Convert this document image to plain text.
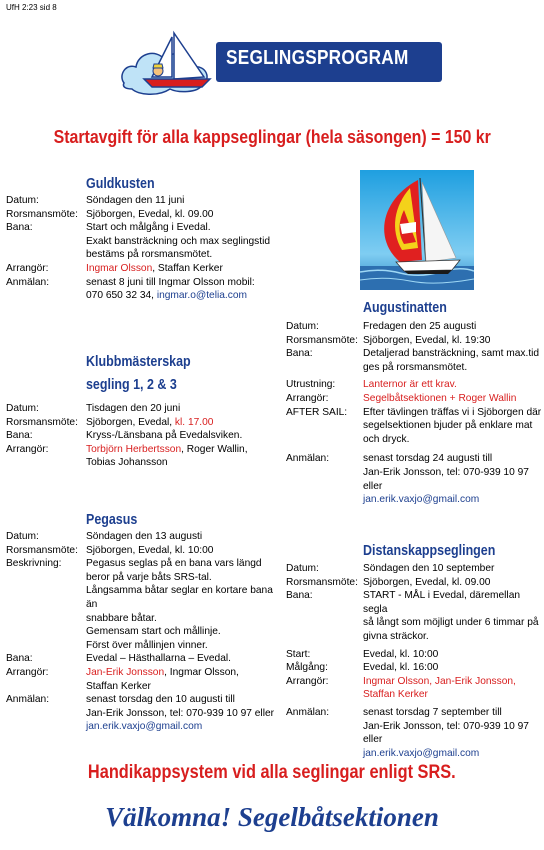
UfH 2:23 sid 8
SEGLINGSPROGRAM
Startavgift för alla kappseglingar (hela säsongen) = 150 kr
Guldkusten
Datum:	Söndagen den 11 juni
Rorsmansmöte: Sjöborgen, Evedal, kl. 09.00
Bana:	Start och målgång i Evedal.
Exakt bansträckning och max seglingstid
bestäms på rorsmansmötet.
Arrangör:	Ingmar Olsson, Staffan Kerker
Anmälan:	senast 8 juni till Ingmar Olsson mobil:
070 650 32 34, ingmar.o@telia.com
Klubbmästerskap
segling 1, 2 & 3
Datum:	Tisdagen den 20 juni
Rorsmansmöte: Sjöborgen, Evedal, kl. 17.00
Bana:	Kryss-/Länsbana på Evedalsviken.
Arrangör:	Torbjörn Herbertsson, Roger Wallin,
Tobias Johansson
Pegasus
Datum:	Söndagen den 13 augusti
Rorsmansmöte: Sjöborgen, Evedal, kl. 10:00
Beskrivning:	Pegasus seglas på en bana vars längd
beror på varje båts SRS-tal.
Långsamma båtar seglar en kortare bana än
snabbare båtar.
Gemensam start och mållinje.
Först över mållinjen vinner.
Bana:	Evedal – Hästhallarna – Evedal.
Arrangör:	Jan-Erik Jonsson, Ingmar Olsson,
Staffan Kerker
Anmälan:	senast torsdag den 10 augusti till
Jan-Erik Jonsson, tel: 070-939 10 97 eller
jan.erik.vaxjo@gmail.com
Augustinatten
Datum:	Fredagen den 25 augusti
Rorsmansmöte: Sjöborgen, Evedal, kl. 19:30
Bana:	Detaljerad bansträckning, samt max.tid
ges på rorsmansmötet.
Utrustning:	Lanternor är ett krav.
Arrangör:	Segelbåtsektionen + Roger Wallin
AFTER SAIL:	Efter tävlingen träffas vi i Sjöborgen där
segelsektionen bjuder på enklare mat
och dryck.
Anmälan:	senast torsdag 24 augusti till
Jan-Erik Jonsson, tel: 070-939 10 97 eller
jan.erik.vaxjo@gmail.com
Distanskappseglingen
Datum:	Söndagen den 10 september
Rorsmansmöte: Sjöborgen, Evedal, kl. 09.00
Bana:	START - MÅL i Evedal, däremellan segla
så långt som möjligt under 6 timmar på
givna sträckor.
Start:	Evedal, kl. 10:00
Målgång:	Evedal, kl. 16:00
Arrangör:	Ingmar Olsson, Jan-Erik Jonsson,
Staffan Kerker
Anmälan:	senast torsdag 7 september till
Jan-Erik Jonsson, tel: 070-939 10 97 eller
jan.erik.vaxjo@gmail.com
Handikappsystem vid alla seglingar enligt SRS.
Välkomna! Segelbåtsektionen
